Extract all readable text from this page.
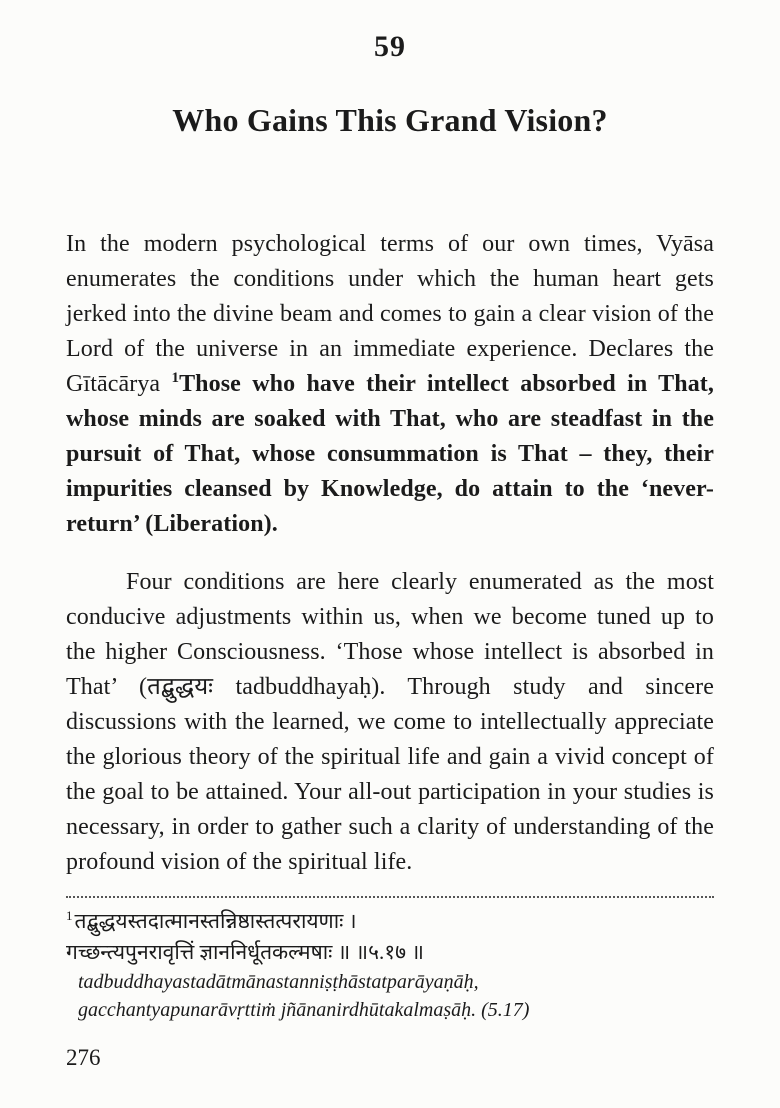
59
Who Gains This Grand Vision?

In the modern psychological terms of our own times, Vyāsa enumerates the conditions under which the human heart gets jerked into the divine beam and comes to gain a clear vision of the Lord of the universe in an immediate experience. Declares the Gītācārya $^1$Those who have their intellect absorbed in That, whose minds are soaked with That, who are steadfast in the pursuit of That, whose consummation is That – they, their impurities cleansed by Knowledge, do attain to the ‘never-return’ (Liberation).

Four conditions are here clearly enumerated as the most conducive adjustments within us, when we become tuned up to the higher Consciousness. ‘Those whose intellect is absorbed in That’ (तद्बुद्धयः tadbuddhayaḥ). Through study and sincere discussions with the learned, we come to intellectually appreciate the glorious theory of the spiritual life and gain a vivid concept of the goal to be attained. Your all-out participation in your studies is necessary, in order to gather such a clarity of understanding of the profound vision of the spiritual life.

$^1$तद्बुद्धयस्तदात्मानस्तन्निष्ठास्तत्परायणाः ।
गच्छन्त्यपुनरावृत्तिं ज्ञाननिर्धूतकल्मषाः ॥ ॥५.१७ ॥
tadbuddhayastadātmānastanniṣṭhāstatparāyaṇāḥ,
gacchantyapunarāvṛttiṁ jñānanirdhūtakalmaṣāḥ. (5.17)
276
